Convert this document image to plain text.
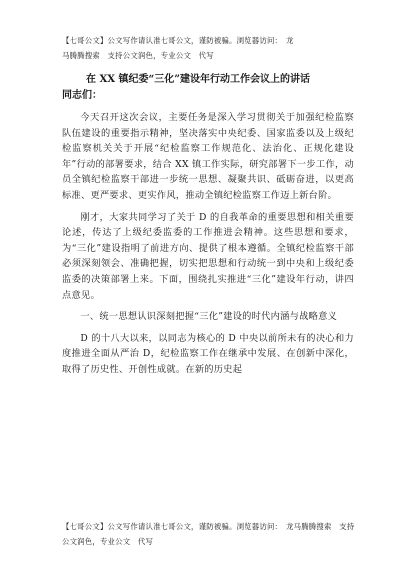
【七哥公文】公文写作请认准七哥公文，谨防被骗。浏览器访问：　龙
马腾腾搜索　支持公文润色，专业公文　代写
在 XX 镇纪委“三化”建设年行动工作会议上的讲话
同志们：

今天召开这次会议，主要任务是深入学习贯彻关于加强纪检监察队伍建设的重要指示精神，坚决落实中央纪委、国家监委以及上级纪检监察机关关于开展“纪检监察工作规范化、法治化、正规化建设年”行动的部署要求，结合 XX 镇工作实际，研究部署下一步工作，动员全镇纪检监察干部进一步统一思想、凝聚共识、砥砺奋进，以更高标准、更严要求、更实作风，推动全镇纪检监察工作迈上新台阶。

刚才，大家共同学习了关于 D 的自我革命的重要思想和相关重要论述，传达了上级纪委监委的工作推进会精神。这些思想和要求，为“三化”建设指明了前进方向、提供了根本遵循。全镇纪检监察干部必须深刻领会、准确把握，切实把思想和行动统一到中央和上级纪委监委的决策部署上来。下面，围绕扎实推进“三化”建设年行动，讲四点意见。

一、统一思想认识深刻把握“三化”建设的时代内涵与战略意义

D 的十八大以来，以同志为核心的 D 中央以前所未有的决心和力度推进全面从严治 D，纪检监察工作在继承中发展、在创新中深化，取得了历史性、开创性成就。在新的历史起

【七哥公文】公文写作请认准七哥公文，谨防被骗。浏览器访问：　龙马腾腾搜索　支持
公文润色，专业公文　代写
